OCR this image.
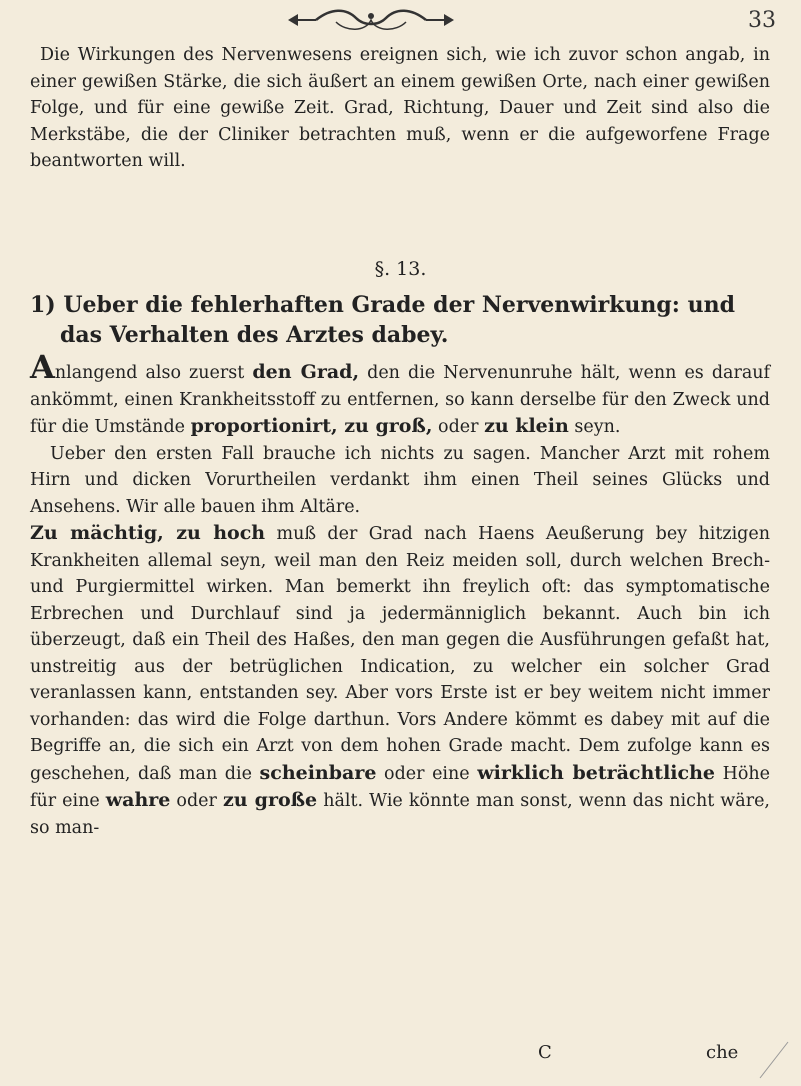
33

Die Wirkungen des Nervenwesens ereignen sich, wie ich zuvor schon angab, in einer gewißen Stärke, die sich äußert an einem gewißen Orte, nach einer gewißen Folge, und für eine gewiße Zeit. Grad, Richtung, Dauer und Zeit sind also die Merkstäbe, die der Cliniker betrachten muß, wenn er die aufgeworfene Frage beantworten will.

§. 13.
1) Ueber die fehlerhaften Grade der Nervenwirkung: und
das Verhalten des Arztes dabey.

Anlangend also zuerst den Grad, den die Nervenunruhe hält, wenn es darauf ankömmt, einen Krankheitsstoff zu entfernen, so kann derselbe für den Zweck und für die Umstände proportionirt, zu groß, oder zu klein seyn.

Ueber den ersten Fall brauche ich nichts zu sagen. Mancher Arzt mit rohem Hirn und dicken Vorurtheilen verdankt ihm einen Theil seines Glücks und Ansehens. Wir alle bauen ihm Altäre.

Zu mächtig, zu hoch muß der Grad nach Haens Aeußerung bey hitzigen Krankheiten allemal seyn, weil man den Reiz meiden soll, durch welchen Brech- und Purgiermittel wirken. Man bemerkt ihn freylich oft: das symptomatische Erbrechen und Durchlauf sind ja jedermänniglich bekannt. Auch bin ich überzeugt, daß ein Theil des Haßes, den man gegen die Ausführungen gefaßt hat, unstreitig aus der betrüglichen Indication, zu welcher ein solcher Grad veranlassen kann, entstanden sey. Aber vors Erste ist er bey weitem nicht immer vorhanden: das wird die Folge darthun. Vors Andere kömmt es dabey mit auf die Begriffe an, die sich ein Arzt von dem hohen Grade macht. Dem zufolge kann es geschehen, daß man die scheinbare oder eine wirklich beträchtliche Höhe für eine wahre oder zu große hält. Wie könnte man sonst, wenn das nicht wäre, so man-

C	che
